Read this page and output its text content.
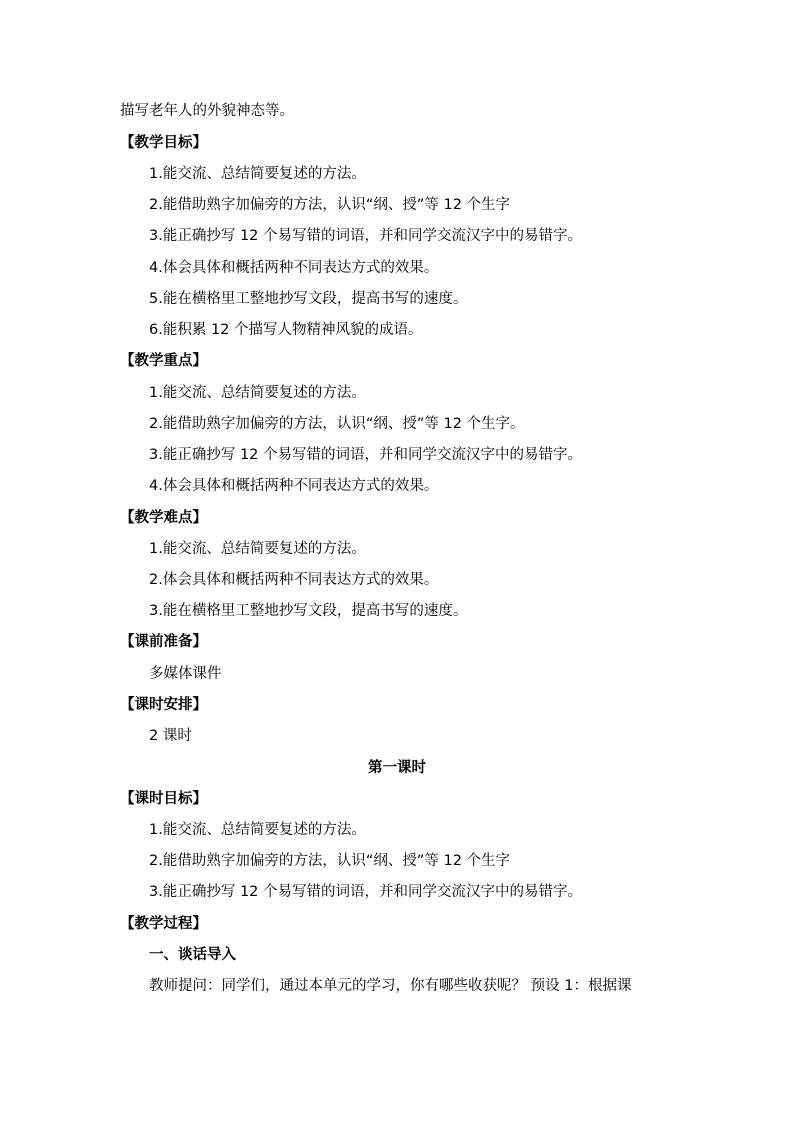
描写老年人的外貌神态等。
【教学目标】
1.能交流、总结简要复述的方法。
2.能借助熟字加偏旁的方法，认识“纲、授”等 12 个生字
3.能正确抄写 12 个易写错的词语，并和同学交流汉字中的易错字。
4.体会具体和概括两种不同表达方式的效果。
5.能在横格里工整地抄写文段，提高书写的速度。
6.能积累 12 个描写人物精神风貌的成语。
【教学重点】
1.能交流、总结简要复述的方法。
2.能借助熟字加偏旁的方法，认识“纲、授”等 12 个生字。
3.能正确抄写 12 个易写错的词语，并和同学交流汉字中的易错字。
4.体会具体和概括两种不同表达方式的效果。
【教学难点】
1.能交流、总结简要复述的方法。
2.体会具体和概括两种不同表达方式的效果。
3.能在横格里工整地抄写文段，提高书写的速度。
【课前准备】
多媒体课件
【课时安排】
2 课时
第一课时
【课时目标】
1.能交流、总结简要复述的方法。
2.能借助熟字加偏旁的方法，认识“纲、授”等 12 个生字
3.能正确抄写 12 个易写错的词语，并和同学交流汉字中的易错字。
【教学过程】
一、谈话导入
教师提问：同学们，通过本单元的学习，你有哪些收获呢？ 预设 1：根据课
